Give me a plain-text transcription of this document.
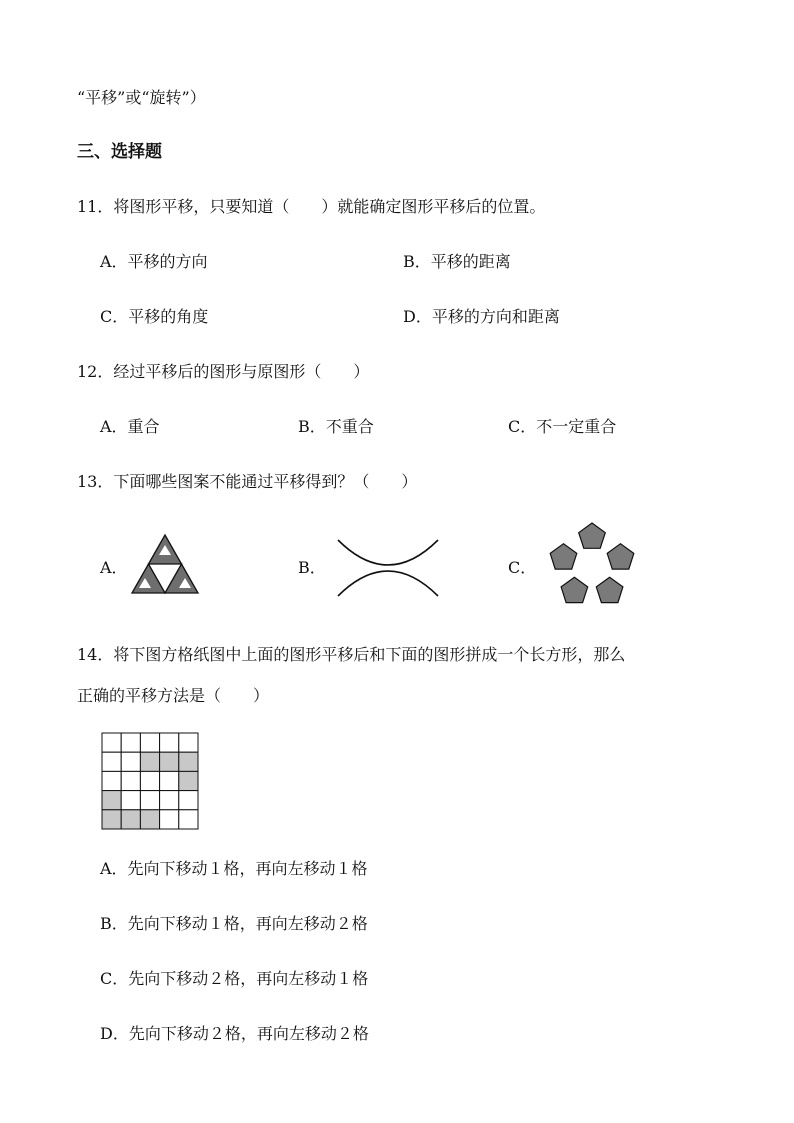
“平移”或“旋转”）
三、选择题
11．将图形平移，只要知道（　　）就能确定图形平移后的位置。
A．平移的方向	B．平移的距离
C．平移的角度	D．平移的方向和距离
12．经过平移后的图形与原图形（　　）
A．重合	B．不重合	C．不一定重合
13．下面哪些图案不能通过平移得到？（　　）
A．	B．	C．
14．将下图方格纸图中上面的图形平移后和下面的图形拼成一个长方形，那么
正确的平移方法是（　　）
A．先向下移动１格，再向左移动１格
B．先向下移动１格，再向左移动２格
C．先向下移动２格，再向左移动１格
D．先向下移动２格，再向左移动２格
